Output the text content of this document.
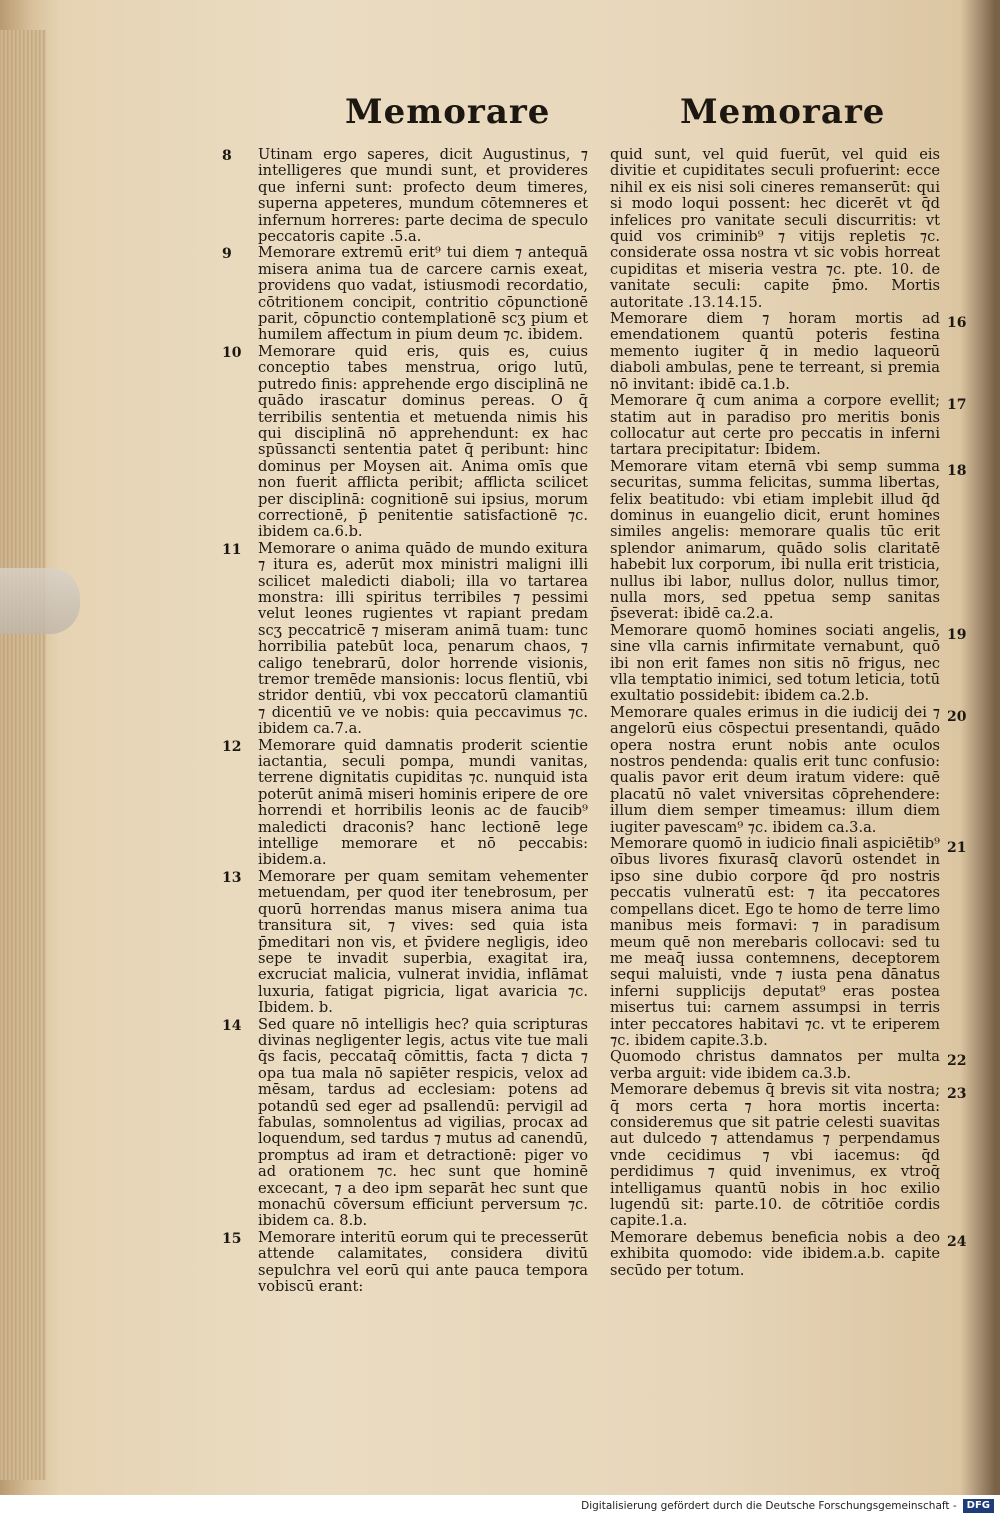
Memorare	Memorare
8 Utinam ergo saperes, dicit Augustinus, ⁊ intelligeres que mundi sunt, et provideres que inferni sunt: profecto deum timeres, superna appeteres, mundum cōtemneres et infernum horreres: parte decima de speculo peccatoris capite .5.a.
9 Memorare extremū erit⁹ tui diem ⁊ antequā misera anima tua de carcere carnis exeat, providens quo vadat, istiusmodi recordatio, cōtritionem concipit, contritio cōpunctionē parit, cōpunctio contemplationē scʒ pium et humilem affectum in pium deum ⁊c. ibidem.
10 Memorare quid eris, quis es, cuius conceptio tabes menstrua, origo lutū, putredo finis: apprehende ergo disciplinā ne quādo irascatur dominus pereas. O q̄ terribilis sententia et metuenda nimis his qui disciplinā nō apprehendunt: ex hac spūssancti sententia patet q̄ peribunt: hinc dominus per Moysen ait. Anima omīs que non fuerit afflicta peribit; afflicta scilicet per disciplinā: cognitionē sui ipsius, morum correctionē, p̄ penitentie satisfactionē ⁊c. ibidem ca.6.b.
11 Memorare o anima quādo de mundo exitura ⁊ itura es, aderūt mox ministri maligni illi scilicet maledicti diaboli; illa vo tartarea monstra: illi spiritus terribiles ⁊ pessimi velut leones rugientes vt rapiant predam scʒ peccatricē ⁊ miseram animā tuam: tunc horribilia patebūt loca, penarum chaos, ⁊ caligo tenebrarū, dolor horrende visionis, tremor tremēde mansionis: locus flentiū, vbi stridor dentiū, vbi vox peccatorū clamantiū ⁊ dicentiū ve ve nobis: quia peccavimus ⁊c. ibidem ca.7.a.
12 Memorare quid damnatis proderit scientie iactantia, seculi pompa, mundi vanitas, terrene dignitatis cupiditas ⁊c. nunquid ista poterūt animā miseri hominis eripere de ore horrendi et horribilis leonis ac de faucib⁹ maledicti draconis? hanc lectionē lege intellige memorare et nō peccabis: ibidem.a.
13 Memorare per quam semitam vehementer metuendam, per quod iter tenebrosum, per quorū horrendas manus misera anima tua transitura sit, ⁊ vives: sed quia ista p̄meditari non vis, et p̄videre negligis, ideo sepe te invadit superbia, exagitat ira, excruciat malicia, vulnerat invidia, inflāmat luxuria, fatigat pigricia, ligat avaricia ⁊c. Ibidem. b.
14 Sed quare nō intelligis hec? quia scripturas divinas negligenter legis, actus vite tue mali q̄s facis, peccataq̄ cōmittis, facta ⁊ dicta ⁊ opa tua mala nō sapiēter respicis, velox ad mēsam, tardus ad ecclesiam: potens ad potandū sed eger ad psallendū: pervigil ad fabulas, somnolentus ad vigilias, procax ad loquendum, sed tardus ⁊ mutus ad canendū, promptus ad iram et detractionē: piger vo ad orationem ⁊c. hec sunt que hominē excecant, ⁊ a deo ipm separāt hec sunt que monachū cōversum efficiunt perversum ⁊c. ibidem ca. 8.b.
15 Memorare interitū eorum qui te precesserūt attende calamitates, considera divitū sepulchra vel eorū qui ante pauca tempora vobiscū erant:
quid sunt, vel quid fuerūt, vel quid eis divitie et cupiditates seculi profuerint: ecce nihil ex eis nisi soli cineres remanserūt: qui si modo loqui possent: hec dicerēt vt q̄d infelices pro vanitate seculi discurritis: vt quid vos criminib⁹ ⁊ vitijs repletis ⁊c. considerate ossa nostra vt sic vobis horreat cupiditas et miseria vestra ⁊c. pte. 10. de vanitate seculi: capite p̄mo. Mortis autoritate .13.14.15.
16
Memorare diem ⁊ horam mortis ad emendationem quantū poteris festina memento iugiter q̄ in medio laqueorū diaboli ambulas, pene te terreant, si premia nō invitant: ibidē ca.1.b.
17
Memorare q̄ cum anima a corpore evellit; statim aut in paradiso pro meritis bonis collocatur aut certe pro peccatis in inferni tartara precipitatur: Ibidem.
18
Memorare vitam eternā vbi semp summa securitas, summa felicitas, summa libertas, felix beatitudo: vbi etiam implebit illud q̄d dominus in euangelio dicit, erunt homines similes angelis: memorare qualis tūc erit splendor animarum, quādo solis claritatē habebit lux corporum, ibi nulla erit tristicia, nullus ibi labor, nullus dolor, nullus timor, nulla mors, sed ppetua semp sanitas p̄severat: ibidē ca.2.a.
19
Memorare quomō homines sociati angelis, sine vlla carnis infirmitate vernabunt, quō ibi non erit fames non sitis nō frigus, nec vlla temptatio inimici, sed totum leticia, totū exultatio possidebit: ibidem ca.2.b.
20
Memorare quales erimus in die iudicij dei ⁊ angelorū eius cōspectui presentandi, quādo opera nostra erunt nobis ante oculos nostros pendenda: qualis erit tunc confusio: qualis pavor erit deum iratum videre: quē placatū nō valet vniversitas cōprehendere: illum diem semper timeamus: illum diem iugiter pavescam⁹ ⁊c. ibidem ca.3.a.
21
Memorare quomō in iudicio finali aspiciētib⁹ oībus livores fixurasq̄ clavorū ostendet in ipso sine dubio corpore q̄d pro nostris peccatis vulneratū est: ⁊ ita peccatores compellans dicet. Ego te homo de terre limo manibus meis formavi: ⁊ in paradisum meum quē non merebaris collocavi: sed tu me meaq̄ iussa contemnens, deceptorem sequi maluisti, vnde ⁊ iusta pena dānatus inferni supplicijs deputat⁹ eras postea misertus tui: carnem assumpsi in terris inter peccatores habitavi ⁊c. vt te eriperem ⁊c. ibidem capite.3.b.
22
Quomodo christus damnatos per multa verba arguit: vide ibidem ca.3.b.
23
Memorare debemus q̄ brevis sit vita nostra; q̄ mors certa ⁊ hora mortis incerta: consideremus que sit patrie celesti suavitas aut dulcedo ⁊ attendamus ⁊ perpendamus vnde cecidimus ⁊ vbi iacemus: q̄d perdidimus ⁊ quid invenimus, ex vtroq̄ intelligamus quantū nobis in hoc exilio lugendū sit: parte.10. de cōtritiōe cordis capite.1.a.
24
Memorare debemus beneficia nobis a deo exhibita quomodo: vide ibidem.a.b. capite secūdo per totum.
Digitalisierung gefördert durch die Deutsche Forschungsgemeinschaft - DFG
